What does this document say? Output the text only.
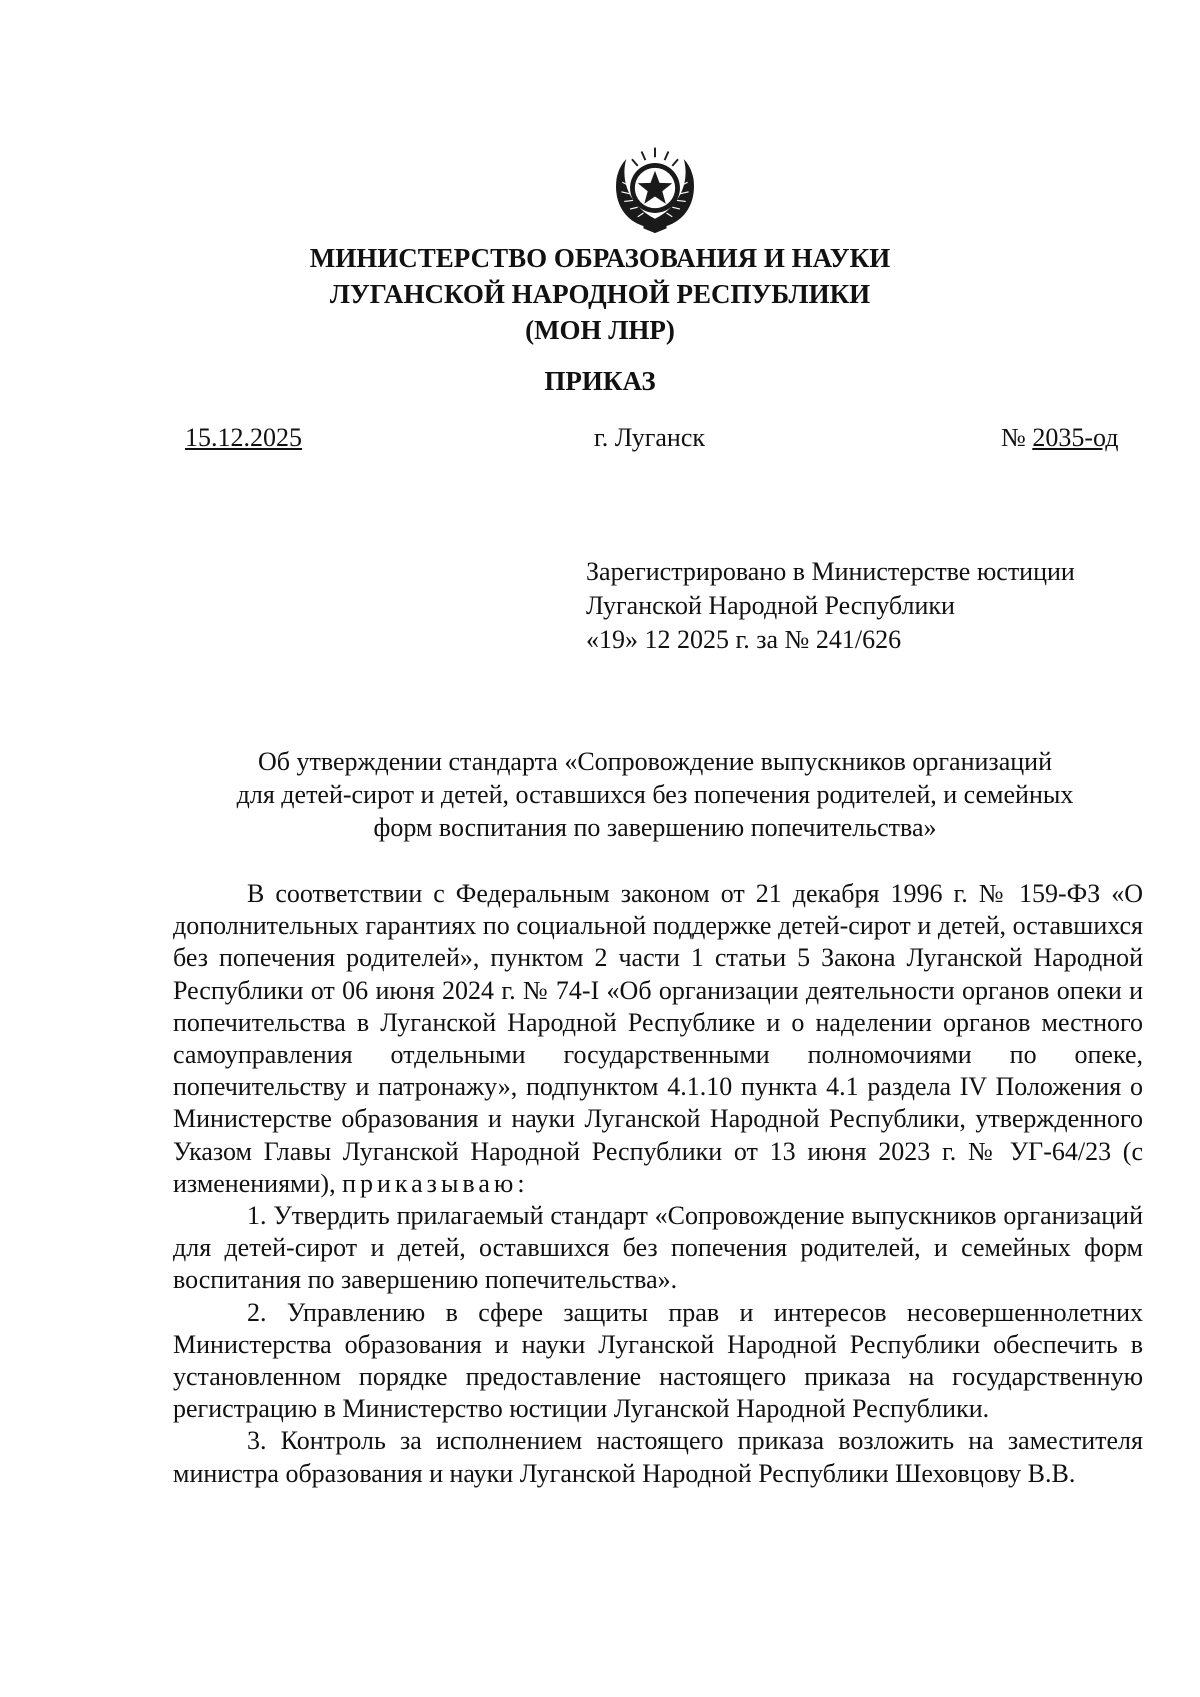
МИНИСТЕРСТВО ОБРАЗОВАНИЯ И НАУКИ
ЛУГАНСКОЙ НАРОДНОЙ РЕСПУБЛИКИ
(МОН ЛНР)
ПРИКАЗ
15.12.2025	г. Луганск	№ 2035-од
Зарегистрировано в Министерстве юстиции
Луганской Народной Республики
«19» 12 2025 г. за № 241/626
Об утверждении стандарта «Сопровождение выпускников организаций
для детей-сирот и детей, оставшихся без попечения родителей, и семейных
форм воспитания по завершению попечительства»

В соответствии с Федеральным законом от 21 декабря 1996 г. № 159-ФЗ «О дополнительных гарантиях по социальной поддержке детей-сирот и детей, оставшихся без попечения родителей», пунктом 2 части 1 статьи 5 Закона Луганской Народной Республики от 06 июня 2024 г. № 74-I «Об организации деятельности органов опеки и попечительства в Луганской Народной Республике и о наделении органов местного самоуправления отдельными государственными полномочиями по опеке, попечительству и патронажу», подпунктом 4.1.10 пункта 4.1 раздела IV Положения о Министерстве образования и науки Луганской Народной Республики, утвержденного Указом Главы Луганской Народной Республики от 13 июня 2023 г. № УГ-64/23 (с изменениями), приказываю:

1. Утвердить прилагаемый стандарт «Сопровождение выпускников организаций для детей-сирот и детей, оставшихся без попечения родителей, и семейных форм воспитания по завершению попечительства».

2. Управлению в сфере защиты прав и интересов несовершеннолетних Министерства образования и науки Луганской Народной Республики обеспечить в установленном порядке предоставление настоящего приказа на государственную регистрацию в Министерство юстиции Луганской Народной Республики.

3. Контроль за исполнением настоящего приказа возложить на заместителя министра образования и науки Луганской Народной Республики Шеховцову В.В.
